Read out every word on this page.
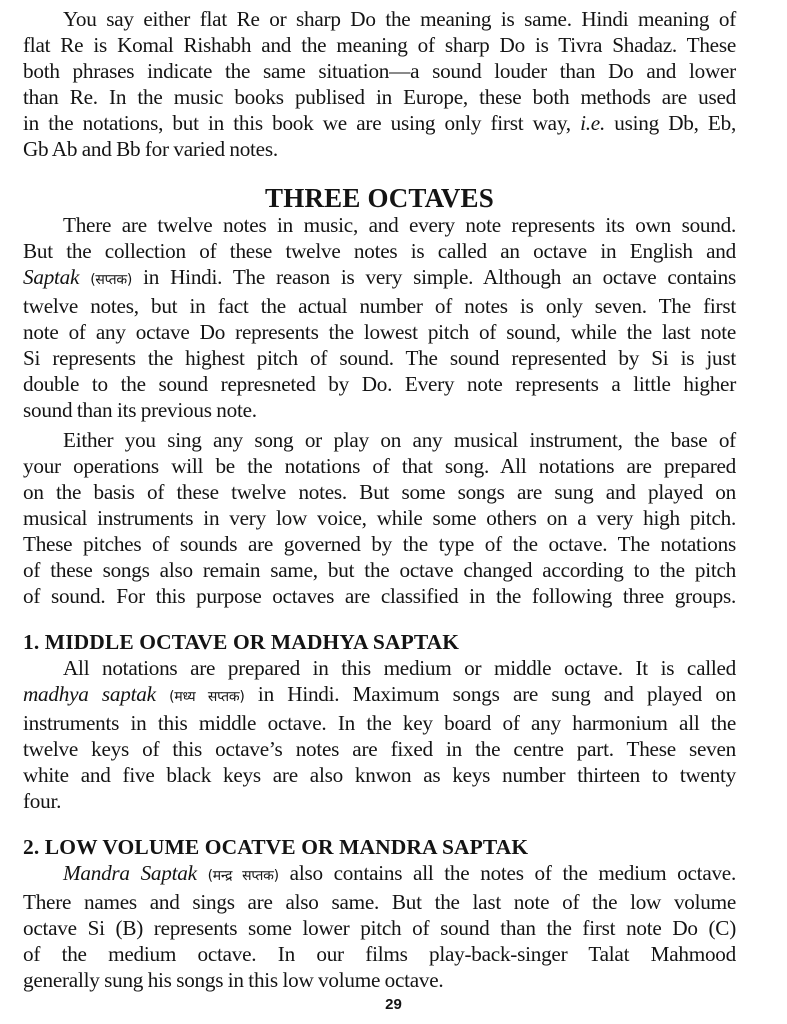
You say either flat Re or sharp Do the meaning is same. Hindi meaning of
flat Re is Komal Rishabh and the meaning of sharp Do is Tivra Shadaz. These
both phrases indicate the same situation—a sound louder than Do and lower
than Re. In the music books publised in Europe, these both methods are used
in the notations, but in this book we are using only first way, i.e. using Db, Eb,
Gb Ab and Bb for varied notes.

THREE OCTAVES

There are twelve notes in music, and every note represents its own sound.
But the collection of these twelve notes is called an octave in English and
Saptak (सप्तक) in Hindi. The reason is very simple. Although an octave contains
twelve notes, but in fact the actual number of notes is only seven. The first
note of any octave Do represents the lowest pitch of sound, while the last note
Si represents the highest pitch of sound. The sound represented by Si is just
double to the sound represneted by Do. Every note represents a little higher
sound than its previous note.

Either you sing any song or play on any musical instrument, the base of
your operations will be the notations of that song. All notations are prepared
on the basis of these twelve notes. But some songs are sung and played on
musical instruments in very low voice, while some others on a very high pitch.
These pitches of sounds are governed by the type of the octave. The notations
of these songs also remain same, but the octave changed according to the pitch
of sound. For this purpose octaves are classified in the following three groups.

1. MIDDLE OCTAVE OR MADHYA SAPTAK

All notations are prepared in this medium or middle octave. It is called
madhya saptak (मध्य सप्तक) in Hindi. Maximum songs are sung and played on
instruments in this middle octave. In the key board of any harmonium all the
twelve keys of this octave’s notes are fixed in the centre part. These seven
white and five black keys are also knwon as keys number thirteen to twenty
four.

2. LOW VOLUME OCATVE OR MANDRA SAPTAK

Mandra Saptak (मन्द्र सप्तक) also contains all the notes of the medium octave.
There names and sings are also same. But the last note of the low volume
octave Si (B) represents some lower pitch of sound than the first note Do (C)
of the medium octave. In our films play-back-singer Talat Mahmood
generally sung his songs in this low volume octave.

29
